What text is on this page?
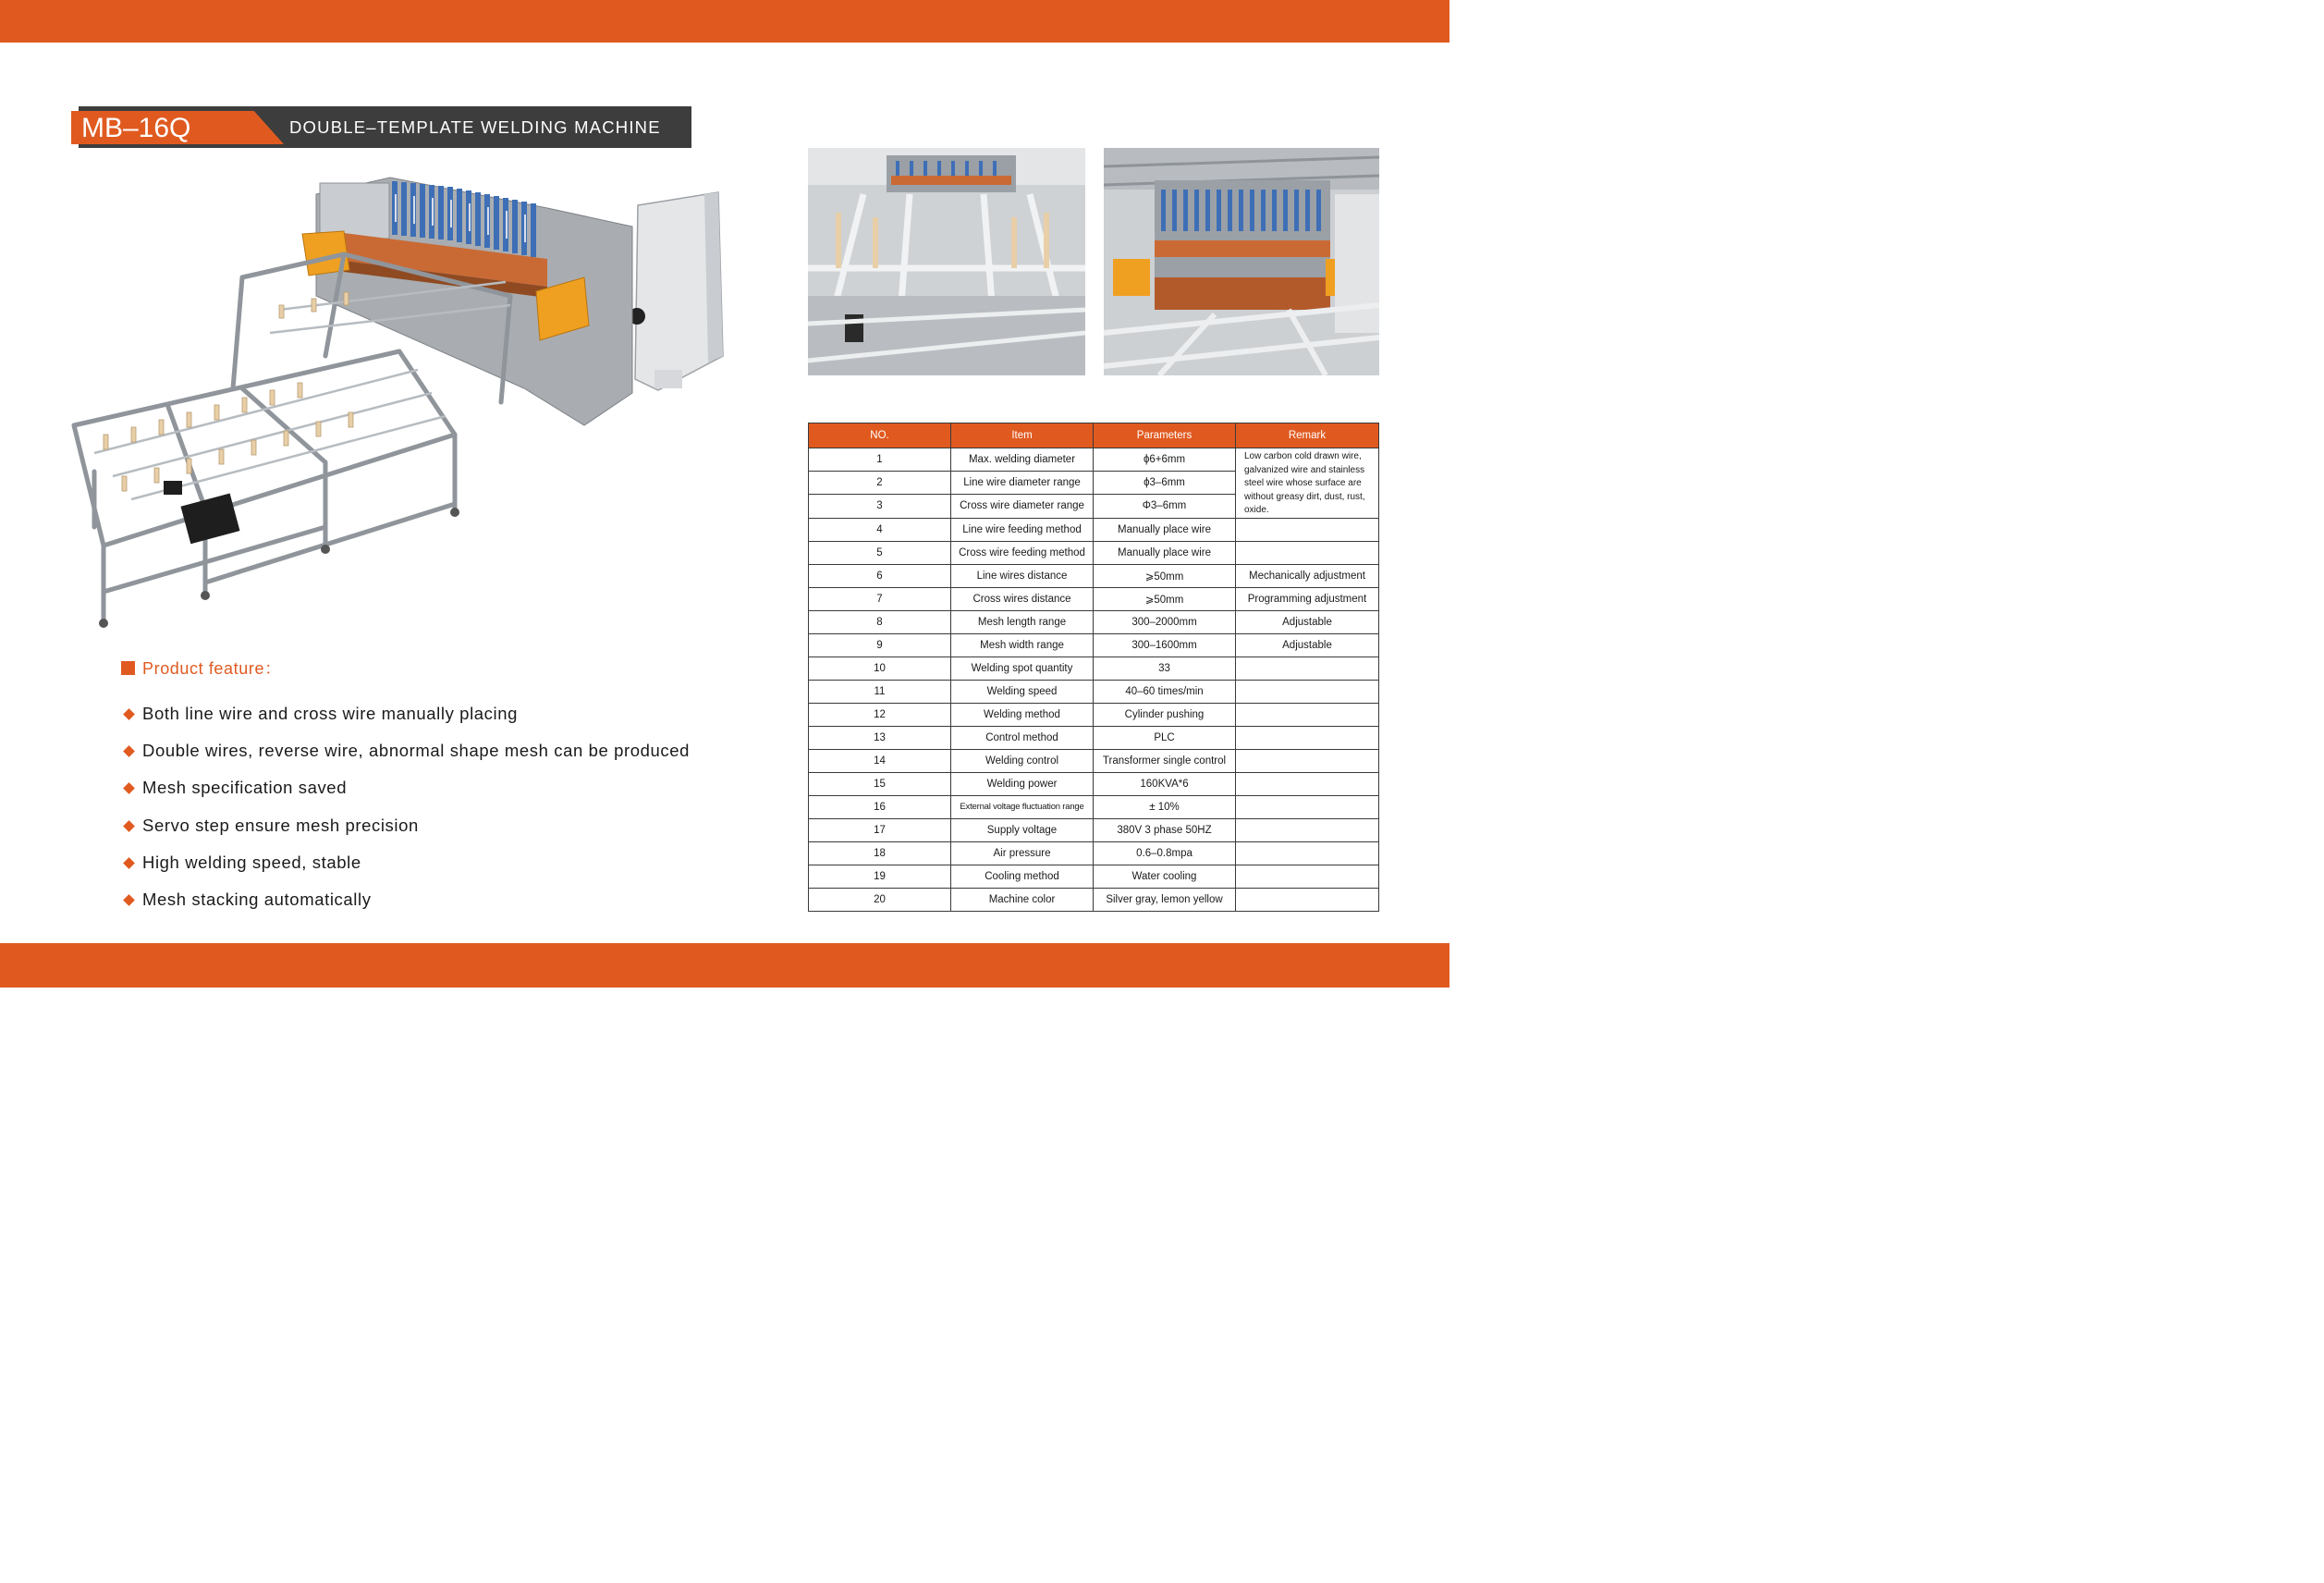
MB–16Q	DOUBLE–TEMPLATE WELDING MACHINE
Product feature：
Both line wire and cross wire manually placing
Double wires, reverse wire, abnormal shape mesh can be produced
Mesh specification saved
Servo step ensure mesh precision
High welding speed, stable
Mesh stacking automatically
NO.	Item	Parameters	Remark
1	Max. welding diameter	ϕ6+6mm	Low carbon cold drawn wire, galvanized wire and stainless steel wire whose surface are without greasy dirt, dust, rust, oxide.
2	Line wire diameter range	ϕ3–6mm	
3	Cross wire diameter range	Φ3–6mm	
4	Line wire feeding method	Manually place wire	
5	Cross wire feeding method	Manually place wire	
6	Line wires distance	⩾50mm	Mechanically adjustment
7	Cross wires distance	⩾50mm	Programming adjustment
8	Mesh length range	300–2000mm	Adjustable
9	Mesh width range	300–1600mm	Adjustable
10	Welding spot quantity	33	
11	Welding speed	40–60 times/min	
12	Welding method	Cylinder pushing	
13	Control method	PLC	
14	Welding control	Transformer single control	
15	Welding power	160KVA*6	
16	External voltage fluctuation range	± 10%	
17	Supply voltage	380V 3 phase 50HZ	
18	Air pressure	0.6–0.8mpa	
19	Cooling method	Water cooling	
20	Machine color	Silver gray, lemon yellow	
